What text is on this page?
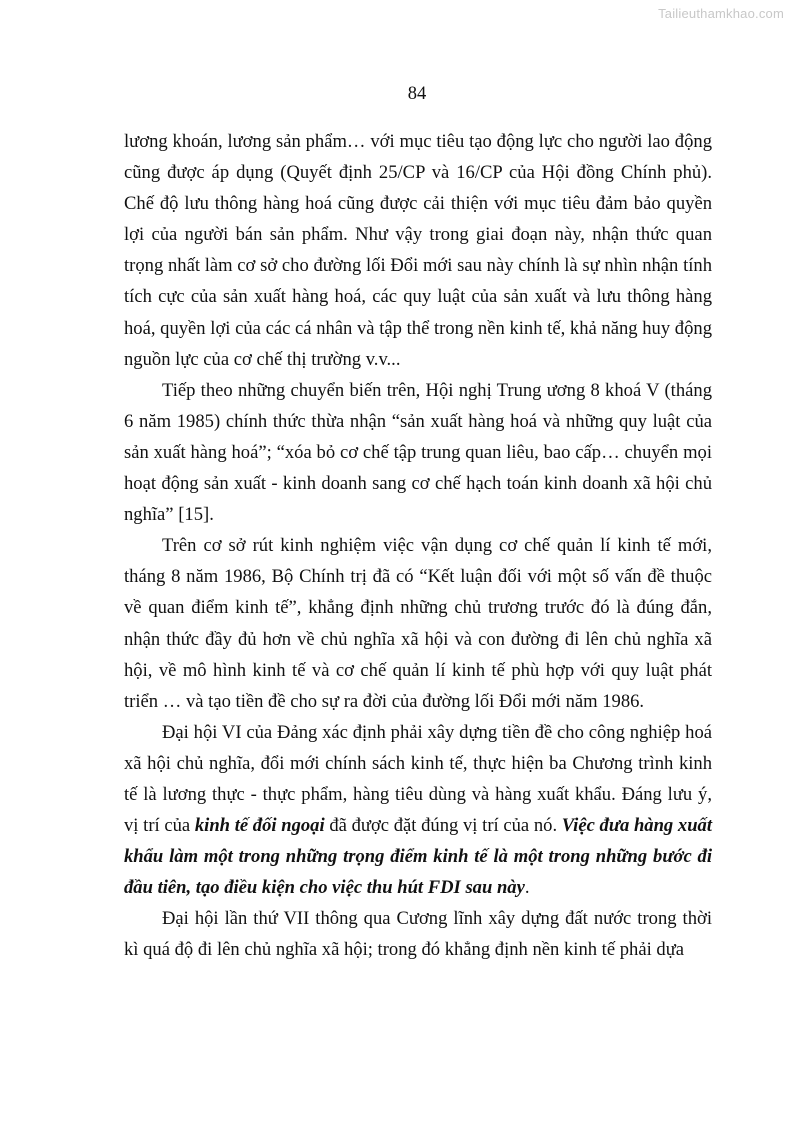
Tailieuthamkhao.com
84

lương khoán, lương sản phẩm… với mục tiêu tạo động lực cho người lao động cũng được áp dụng (Quyết định 25/CP và 16/CP của Hội đồng Chính phủ). Chế độ lưu thông hàng hoá cũng được cải thiện với mục tiêu đảm bảo quyền lợi của người bán sản phẩm. Như vậy trong giai đoạn này, nhận thức quan trọng nhất làm cơ sở cho đường lối Đổi mới sau này chính là sự nhìn nhận tính tích cực của sản xuất hàng hoá, các quy luật của sản xuất và lưu thông hàng hoá, quyền lợi của các cá nhân và tập thể trong nền kinh tế, khả năng huy động nguồn lực của cơ chế thị trường v.v...

Tiếp theo những chuyển biến trên, Hội nghị Trung ương 8 khoá V (tháng 6 năm 1985) chính thức thừa nhận “sản xuất hàng hoá và những quy luật của sản xuất hàng hoá”; “xóa bỏ cơ chế tập trung quan liêu, bao cấp… chuyển mọi hoạt động sản xuất - kinh doanh sang cơ chế hạch toán kinh doanh xã hội chủ nghĩa” [15].

Trên cơ sở rút kinh nghiệm việc vận dụng cơ chế quản lí kinh tế mới, tháng 8 năm 1986, Bộ Chính trị đã có “Kết luận đối với một số vấn đề thuộc về quan điểm kinh tế”, khẳng định những chủ trương trước đó là đúng đắn, nhận thức đầy đủ hơn về chủ nghĩa xã hội và con đường đi lên chủ nghĩa xã hội, về mô hình kinh tế và cơ chế quản lí kinh tế phù hợp với quy luật phát triển … và tạo tiền đề cho sự ra đời của đường lối Đổi mới năm 1986.

Đại hội VI của Đảng xác định phải xây dựng tiền đề cho công nghiệp hoá xã hội chủ nghĩa, đổi mới chính sách kinh tế, thực hiện ba Chương trình kinh tế là lương thực - thực phẩm, hàng tiêu dùng và hàng xuất khẩu. Đáng lưu ý, vị trí của kinh tế đối ngoại đã được đặt đúng vị trí của nó. Việc đưa hàng xuất khẩu làm một trong những trọng điểm kinh tế là một trong những bước đi đầu tiên, tạo điều kiện cho việc thu hút FDI sau này.

Đại hội lần thứ VII thông qua Cương lĩnh xây dựng đất nước trong thời kì quá độ đi lên chủ nghĩa xã hội; trong đó khẳng định nền kinh tế phải dựa
